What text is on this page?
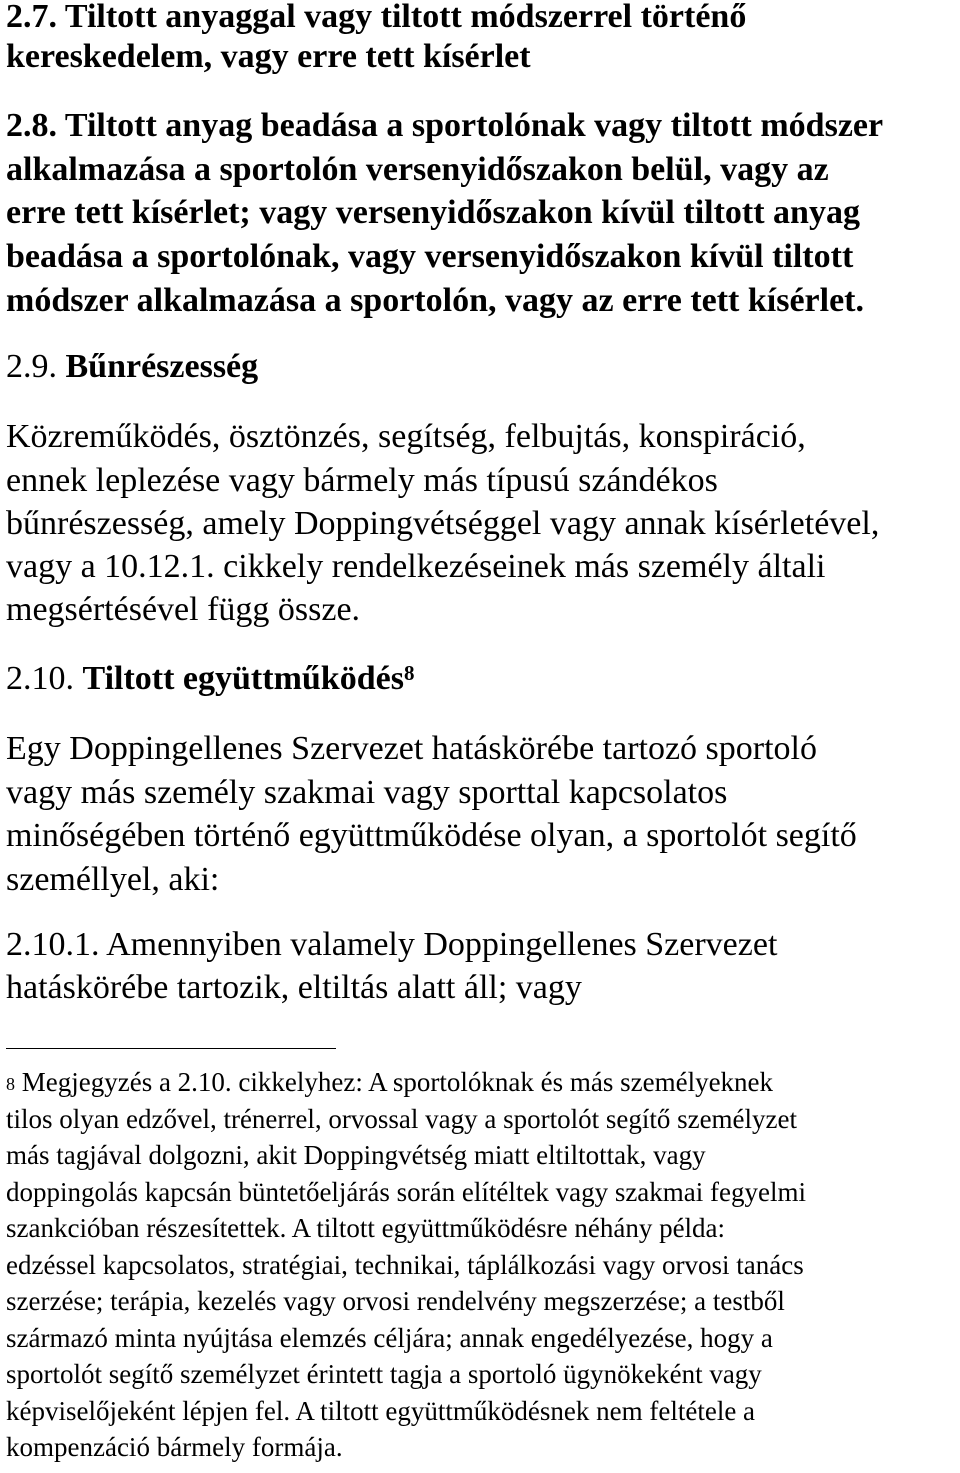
2.7. Tiltott anyaggal vagy tiltott módszerrel történő
kereskedelem, vagy erre tett kísérlet
2.8. Tiltott anyag beadása a sportolónak vagy tiltott módszer
alkalmazása a sportolón versenyidőszakon belül, vagy az
erre tett kísérlet; vagy versenyidőszakon kívül tiltott anyag
beadása a sportolónak, vagy versenyidőszakon kívül tiltott
módszer alkalmazása a sportolón, vagy az erre tett kísérlet.
2.9. Bűnrészesség
Közreműködés, ösztönzés, segítség, felbujtás, konspiráció,
ennek leplezése vagy bármely más típusú szándékos
bűnrészesség, amely Doppingvétséggel vagy annak kísérletével,
vagy a 10.12.1. cikkely rendelkezéseinek más személy általi
megsértésével függ össze.
2.10. Tiltott együttműködés$^8$
Egy Doppingellenes Szervezet hatáskörébe tartozó sportoló
vagy más személy szakmai vagy sporttal kapcsolatos
minőségében történő együttműködése olyan, a sportolót segítő
személlyel, aki:
2.10.1. Amennyiben valamely Doppingellenes Szervezet
hatáskörébe tartozik, eltiltás alatt áll; vagy
$^8$ Megjegyzés a 2.10. cikkelyhez: A sportolóknak és más személyeknek
tilos olyan edzővel, trénerrel, orvossal vagy a sportolót segítő személyzet
más tagjával dolgozni, akit Doppingvétség miatt eltiltottak, vagy
doppingolás kapcsán büntetőeljárás során elítéltek vagy szakmai fegyelmi
szankcióban részesítettek. A tiltott együttműködésre néhány példa:
edzéssel kapcsolatos, stratégiai, technikai, táplálkozási vagy orvosi tanács
szerzése; terápia, kezelés vagy orvosi rendelvény megszerzése; a testből
származó minta nyújtása elemzés céljára; annak engedélyezése, hogy a
sportolót segítő személyzet érintett tagja a sportoló ügynökeként vagy
képviselőjeként lépjen fel. A tiltott együttműködésnek nem feltétele a
kompenzáció bármely formája.
